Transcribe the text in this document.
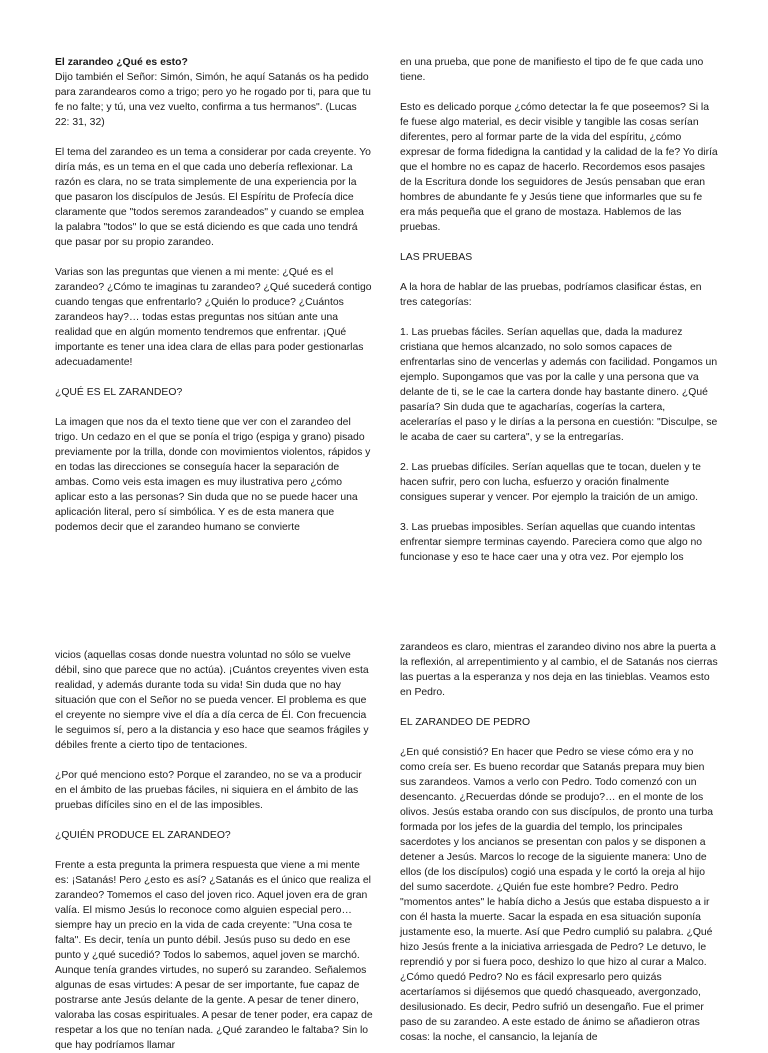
El zarandeo ¿Qué es esto?

Dijo también el Señor: Simón, Simón, he aquí Satanás os ha pedido para zarandearos como a trigo; pero yo he rogado por ti, para que tu fe no falte; y tú, una vez vuelto, confirma a tus hermanos". (Lucas 22: 31, 32)

El tema del zarandeo es un tema a considerar por cada creyente. Yo diría más, es un tema en el que cada uno debería reflexionar. La razón es clara, no se trata simplemente de una experiencia por la que pasaron los discípulos de Jesús. El Espíritu de Profecía dice claramente que "todos seremos zarandeados" y cuando se emplea la palabra "todos" lo que se está diciendo es que cada uno tendrá que pasar por su propio zarandeo.

Varias son las preguntas que vienen a mi mente: ¿Qué es el zarandeo? ¿Cómo te imaginas tu zarandeo? ¿Qué sucederá contigo cuando tengas que enfrentarlo? ¿Quién lo produce? ¿Cuántos zarandeos hay?… todas estas preguntas nos sitúan ante una realidad que en algún momento tendremos que enfrentar. ¡Qué importante es tener una idea clara de ellas para poder gestionarlas adecuadamente!

¿QUÉ ES EL ZARANDEO?

La imagen que nos da el texto tiene que ver con el zarandeo del trigo. Un cedazo en el que se ponía el trigo (espiga y grano) pisado previamente por la trilla, donde con movimientos violentos, rápidos y en todas las direcciones se conseguía hacer la separación de ambas. Como veis esta imagen es muy ilustrativa pero ¿cómo aplicar esto a las personas? Sin duda que no se puede hacer una aplicación literal, pero sí simbólica. Y es de esta manera que podemos decir que el zarandeo humano se convierte

en una prueba, que pone de manifiesto el tipo de fe que cada uno tiene.

Esto es delicado porque ¿cómo detectar la fe que poseemos? Si la fe fuese algo material, es decir visible y tangible las cosas serían diferentes, pero al formar parte de la vida del espíritu, ¿cómo expresar de forma fidedigna la cantidad y la calidad de la fe? Yo diría que el hombre no es capaz de hacerlo. Recordemos esos pasajes de la Escritura donde los seguidores de Jesús pensaban que eran hombres de abundante fe y Jesús tiene que informarles que su fe era más pequeña que el grano de mostaza. Hablemos de las pruebas.

LAS PRUEBAS

A la hora de hablar de las pruebas, podríamos clasificar éstas, en tres categorías:

1. Las pruebas fáciles. Serían aquellas que, dada la madurez cristiana que hemos alcanzado, no solo somos capaces de enfrentarlas sino de vencerlas y además con facilidad. Pongamos un ejemplo. Supongamos que vas por la calle y una persona que va delante de ti, se le cae la cartera donde hay bastante dinero. ¿Qué pasaría? Sin duda que te agacharías, cogerías la cartera, acelerarías el paso y le dirías a la persona en cuestión: "Disculpe, se le acaba de caer su cartera", y se la entregarías.

2. Las pruebas difíciles. Serían aquellas que te tocan, duelen y te hacen sufrir, pero con lucha, esfuerzo y oración finalmente consigues superar y vencer. Por ejemplo la traición de un amigo.

3. Las pruebas imposibles. Serían aquellas que cuando intentas enfrentar siempre terminas cayendo. Pareciera como que algo no funcionase y eso te hace caer una y otra vez. Por ejemplo los

vicios (aquellas cosas donde nuestra voluntad no sólo se vuelve débil, sino que parece que no actúa). ¡Cuántos creyentes viven esta realidad, y además durante toda su vida! Sin duda que no hay situación que con el Señor no se pueda vencer. El problema es que el creyente no siempre vive el día a día cerca de Él. Con frecuencia le seguimos sí, pero a la distancia y eso hace que seamos frágiles y débiles frente a cierto tipo de tentaciones.

¿Por qué menciono esto? Porque el zarandeo, no se va a producir en el ámbito de las pruebas fáciles, ni siquiera en el ámbito de las pruebas difíciles sino en el de las imposibles.

¿QUIÉN PRODUCE EL ZARANDEO?

Frente a esta pregunta la primera respuesta que viene a mi mente es: ¡Satanás! Pero ¿esto es así? ¿Satanás es el único que realiza el zarandeo? Tomemos el caso del joven rico. Aquel joven era de gran valía. El mismo Jesús lo reconoce como alguien especial pero… siempre hay un precio en la vida de cada creyente: "Una cosa te falta". Es decir, tenía un punto débil. Jesús puso su dedo en ese punto y ¿qué sucedió? Todos lo sabemos, aquel joven se marchó. Aunque tenía grandes virtudes, no superó su zarandeo. Señalemos algunas de esas virtudes: A pesar de ser importante, fue capaz de postrarse ante Jesús delante de la gente. A pesar de tener dinero, valoraba las cosas espirituales. A pesar de tener poder, era capaz de respetar a los que no tenían nada. ¿Qué zarandeo le faltaba? Sin lo que hay podríamos llamar

zarandeos es claro, mientras el zarandeo divino nos abre la puerta a la reflexión, al arrepentimiento y al cambio, el de Satanás nos cierras las puertas a la esperanza y nos deja en las tinieblas. Veamos esto en Pedro.

EL ZARANDEO DE PEDRO

¿En qué consistió? En hacer que Pedro se viese cómo era y no como creía ser. Es bueno recordar que Satanás prepara muy bien sus zarandeos. Vamos a verlo con Pedro. Todo comenzó con un desencanto. ¿Recuerdas dónde se produjo?… en el monte de los olivos. Jesús estaba orando con sus discípulos, de pronto una turba formada por los jefes de la guardia del templo, los principales sacerdotes y los ancianos se presentan con palos y se disponen a detener a Jesús. Marcos lo recoge de la siguiente manera: Uno de ellos (de los discípulos) cogió una espada y le cortó la oreja al hijo del sumo sacerdote. ¿Quién fue este hombre? Pedro. Pedro "momentos antes" le había dicho a Jesús que estaba dispuesto a ir con él hasta la muerte. Sacar la espada en esa situación suponía justamente eso, la muerte. Así que Pedro cumplió su palabra. ¿Qué hizo Jesús frente a la iniciativa arriesgada de Pedro? Le detuvo, le reprendió y por si fuera poco, deshizo lo que hizo al curar a Malco. ¿Cómo quedó Pedro? No es fácil expresarlo pero quizás acertaríamos si dijésemos que quedó chasqueado, avergonzado, desilusionado. Es decir, Pedro sufrió un desengaño. Fue el primer paso de su zarandeo. A este estado de ánimo se añadieron otras cosas: la noche, el cansancio, la lejanía de
